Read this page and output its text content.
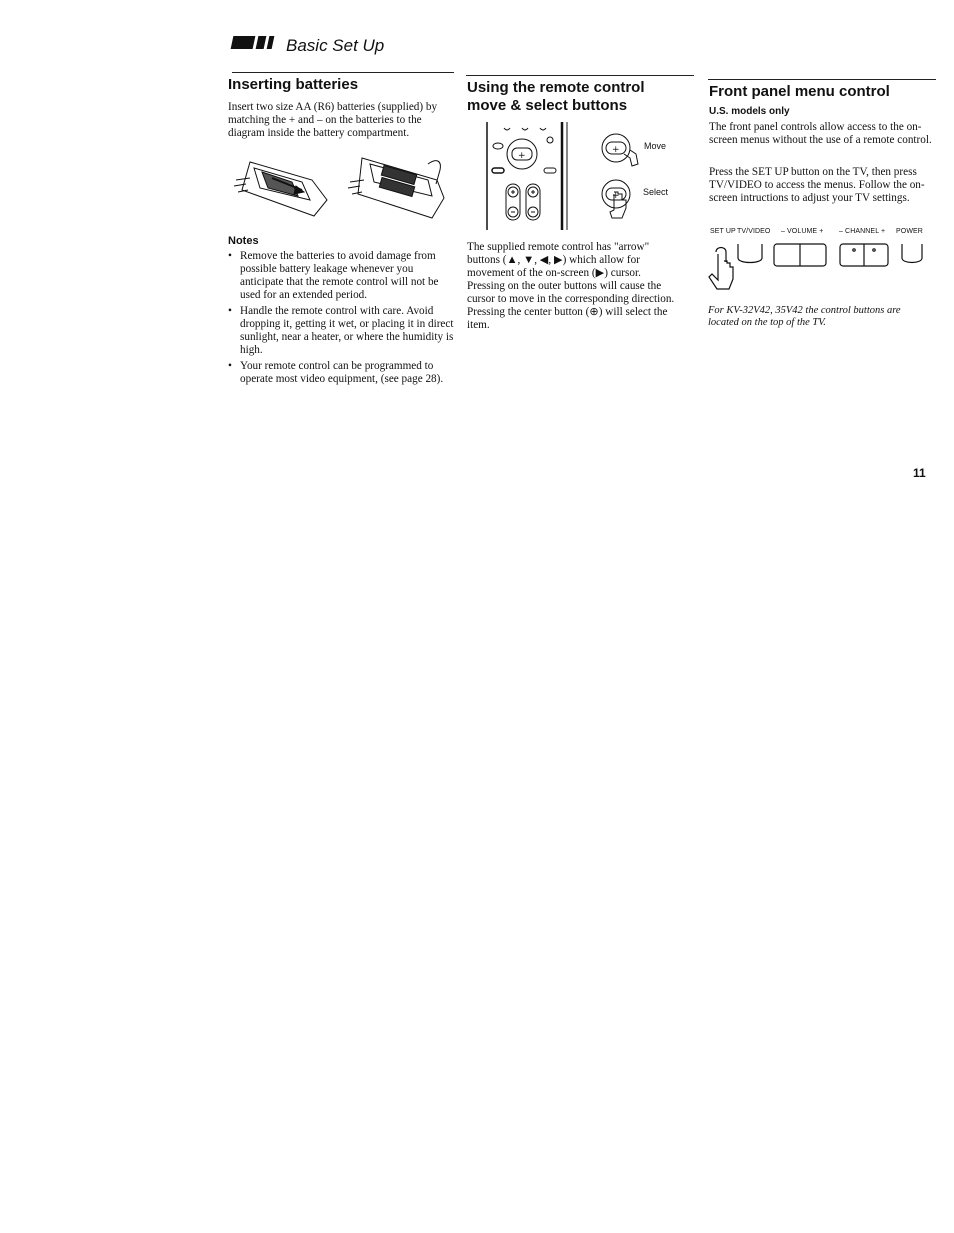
Basic Set Up
Inserting batteries
Insert two size AA (R6) batteries (supplied) by matching the + and – on the batteries to the diagram inside the battery compartment.
Notes
• Remove the batteries to avoid damage from possible battery leakage whenever you anticipate that the remote control will not be used for an extended period.
• Handle the remote control with care. Avoid dropping it, getting it wet, or placing it in direct sunlight, near a heater, or where the humidity is high.
• Your remote control can be programmed to operate most video equipment, (see page 28).
Using the remote control
move & select buttons
+
+	Move
+	Select
The supplied remote control has "arrow"
buttons (▲, ▼, ◀, ▶) which allow for
movement of the on-screen (▶) cursor.
Pressing on the outer buttons will cause the
cursor to move in the corresponding direction.
Pressing the center button (⊕) will select the
item.
Front panel menu control
U.S. models only
The front panel controls allow access to the on-screen menus without the use of a remote control.
Press the SET UP button on the TV, then press TV/VIDEO to access the menus. Follow the on-screen intructions to adjust your TV settings.
SET UP TV/VIDEO – VOLUME + – CHANNEL + POWER
For KV-32V42, 35V42 the control buttons are located on the top of the TV.
11
